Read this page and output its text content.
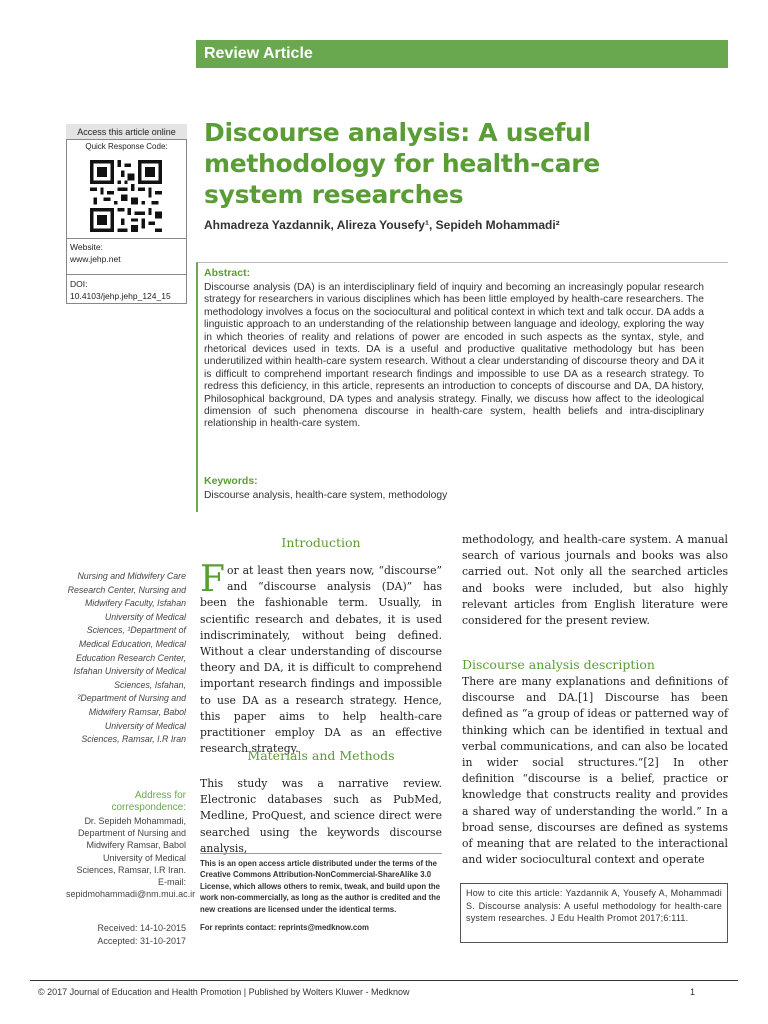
Review Article
Access this article online
Quick Response Code:
Website:
www.jehp.net
DOI:
10.4103/jehp.jehp_124_15
Discourse analysis: A useful methodology for health-care system researches
Ahmadreza Yazdannik, Alireza Yousefy¹, Sepideh Mohammadi²
Abstract:
Discourse analysis (DA) is an interdisciplinary field of inquiry and becoming an increasingly popular research strategy for researchers in various disciplines which has been little employed by health-care researchers. The methodology involves a focus on the sociocultural and political context in which text and talk occur. DA adds a linguistic approach to an understanding of the relationship between language and ideology, exploring the way in which theories of reality and relations of power are encoded in such aspects as the syntax, style, and rhetorical devices used in texts. DA is a useful and productive qualitative methodology but has been underutilized within health-care system research. Without a clear understanding of discourse theory and DA it is difficult to comprehend important research findings and impossible to use DA as a research strategy. To redress this deficiency, in this article, represents an introduction to concepts of discourse and DA, DA history, Philosophical background, DA types and analysis strategy. Finally, we discuss how affect to the ideological dimension of such phenomena discourse in health-care system, health beliefs and intra-disciplinary relationship in health-care system.
Keywords:
Discourse analysis, health-care system, methodology
Nursing and Midwifery Care Research Center, Nursing and Midwifery Faculty, Isfahan University of Medical Sciences, ¹Department of Medical Education, Medical Education Research Center, Isfahan University of Medical Sciences, Isfahan, ²Department of Nursing and Midwifery Ramsar, Babol University of Medical Sciences, Ramsar, I.R Iran
Address for correspondence:
Dr. Sepideh Mohammadi, Department of Nursing and Midwifery Ramsar, Babol University of Medical Sciences, Ramsar, I.R Iran. E-mail: sepidmohammadi@nm.mui.ac.ir
Received: 14-10-2015
Accepted: 31-10-2017
Introduction
For at least then years now, “discourse” and “discourse analysis (DA)” has been the fashionable term. Usually, in scientific research and debates, it is used indiscriminately, without being defined. Without a clear understanding of discourse theory and DA, it is difficult to comprehend important research findings and impossible to use DA as a research strategy. Hence, this paper aims to help health-care practitioner employ DA as an effective research strategy.
Materials and Methods
This study was a narrative review. Electronic databases such as PubMed, Medline, ProQuest, and science direct were searched using the keywords discourse analysis,
This is an open access article distributed under the terms of the Creative Commons Attribution-NonCommercial-ShareAlike 3.0 License, which allows others to remix, tweak, and build upon the work non-commercially, as long as the author is credited and the new creations are licensed under the identical terms.
For reprints contact: reprints@medknow.com
methodology, and health-care system. A manual search of various journals and books was also carried out. Not only all the searched articles and books were included, but also highly relevant articles from English literature were considered for the present review.
Discourse analysis description
There are many explanations and definitions of discourse and DA.[1] Discourse has been defined as “a group of ideas or patterned way of thinking which can be identified in textual and verbal communications, and can also be located in wider social structures.”[2] In other definition “discourse is a belief, practice or knowledge that constructs reality and provides a shared way of understanding the world.” In a broad sense, discourses are defined as systems of meaning that are related to the interactional and wider sociocultural context and operate
How to cite this article: Yazdannik A, Yousefy A, Mohammadi S. Discourse analysis: A useful methodology for health-care system researches. J Edu Health Promot 2017;6:111.
© 2017 Journal of Education and Health Promotion | Published by Wolters Kluwer - Medknow	1
